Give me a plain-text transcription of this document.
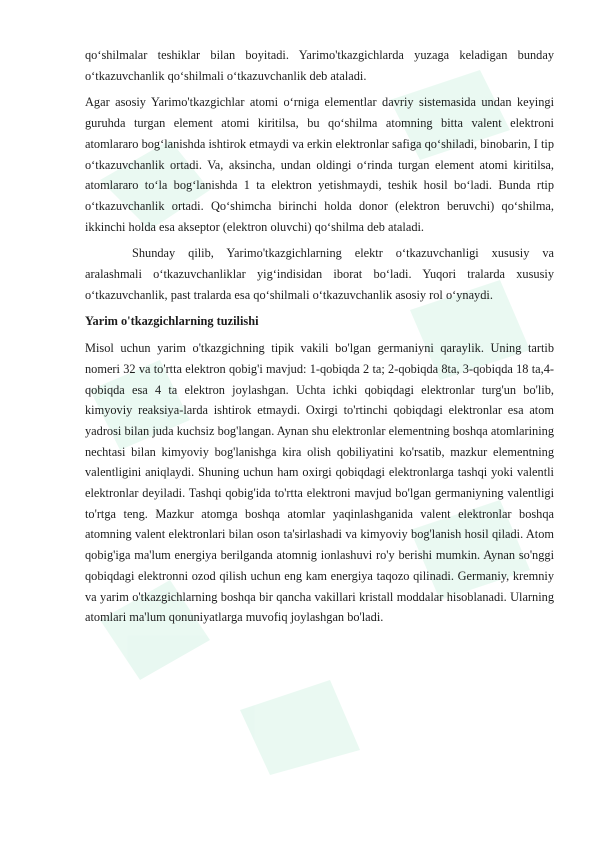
qo‘shilmalar teshiklar bilan boyitadi. Yarimo'tkazgichlarda yuzaga keladigan bunday o‘tkazuvchanlik qo‘shilmali o‘tkazuvchanlik deb ataladi.

Agar asosiy Yarimo'tkazgichlar atomi o‘rniga elementlar davriy sistemasida undan keyingi guruhda turgan element atomi kiritilsa, bu qo‘shilma atomning bitta valent elektroni atomlararo bog‘lanishda ishtirok etmaydi va erkin elektronlar safiga qo‘shiladi, binobarin, I tip o‘tkazuvchanlik ortadi. Va, aksincha, undan oldingi o‘rinda turgan element atomi kiritilsa, atomlararo to‘la bog‘lanishda 1 ta elektron yetishmaydi, teshik hosil bo‘ladi. Bunda rtip o‘tkazuvchanlik ortadi. Qo‘shimcha birinchi holda donor (elektron beruvchi) qo‘shilma, ikkinchi holda esa akseptor (elektron oluvchi) qo‘shilma deb ataladi.

Shunday qilib, Yarimo'tkazgichlarning elektr o‘tkazuvchanligi xususiy va aralashmali o‘tkazuvchanliklar yig‘indisidan iborat bo‘ladi. Yuqori tralarda xususiy o‘tkazuvchanlik, past tralarda esa qo‘shilmali o‘tkazuvchanlik asosiy rol o‘ynaydi.

Yarim o'tkazgichlarning tuzilishi

Misol uchun yarim o'tkazgichning tipik vakili bo'lgan germaniyni qaraylik. Uning tartib nomeri 32 va to'rtta elektron qobig'i mavjud: 1-qobiqda 2 ta; 2-qobiqda 8ta, 3-qobiqda 18 ta,4- qobiqda esa 4 ta elektron joylashgan. Uchta ichki qobiqdagi elektronlar turg'un bo'lib, kimyoviy reaksiya-larda ishtirok etmaydi. Oxirgi to'rtinchi qobiqdagi elektronlar esa atom yadrosi bilan juda kuchsiz bog'langan. Aynan shu elektronlar elementning boshqa atomlarining nechtasi bilan kimyoviy bog'lanishga kira olish qobiliyatini ko'rsatib, mazkur elementning valentligini aniqlaydi. Shuning uchun ham oxirgi qobiqdagi elektronlarga tashqi yoki valentli elektronlar deyiladi. Tashqi qobig'ida to'rtta elektroni mavjud bo'lgan germaniyning valentligi to'rtga teng. Mazkur atomga boshqa atomlar yaqinlashganida valent elektronlar boshqa atomning valent elektronlari bilan oson ta'sirlashadi va kimyoviy bog'lanish hosil qiladi. Atom qobig'iga ma'lum energiya berilganda atomnig ionlashuvi ro'y berishi mumkin. Aynan so'nggi qobiqdagi elektronni ozod qilish uchun eng kam energiya taqozo qilinadi. Germaniy, kremniy va yarim o'tkazgichlarning boshqa bir qancha vakillari kristall moddalar hisoblanadi. Ularning atomlari ma'lum qonuniyatlarga muvofiq joylashgan bo'ladi.
